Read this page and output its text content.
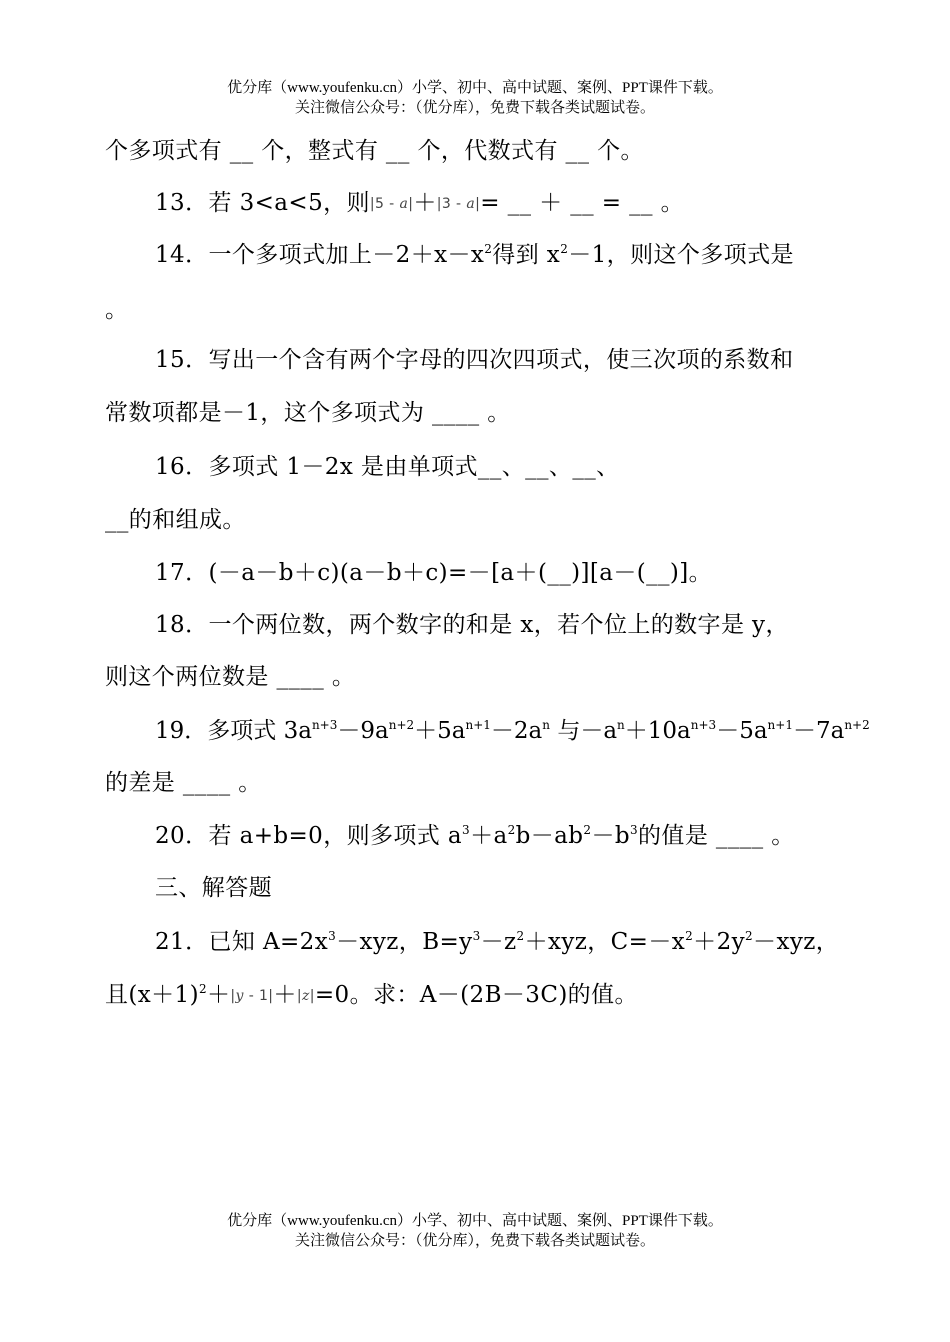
优分库（www.youfenku.cn）小学、初中、高中试题、案例、PPT课件下载。
关注微信公众号：（优分库），免费下载各类试题试卷。
个多项式有 __ 个，整式有 __ 个，代数式有 __ 个。
13．若 3<a<5，则|5 - a|＋|3 - a|= __ ＋ __ = __ 。
14．一个多项式加上$-2+x-x^2$得到 $x^2-1$，则这个多项式是
。
15．写出一个含有两个字母的四次四项式，使三次项的系数和
常数项都是－1，这个多项式为 ____ 。
16．多项式 1－2x 是由单项式__、__、__、
__的和组成。
17．(－a－b＋c)(a－b＋c)=－[a＋(__)][a－(__)]。
18．一个两位数，两个数字的和是 x，若个位上的数字是 y，
则这个两位数是 ____ 。
19．多项式 $3a^{n+3}-9a^{n+2}+5a^{n+1}-2a^n$ 与$-a^n+10a^{n+3}-5a^{n+1}-7a^{n+2}$
的差是 ____ 。
20．若 a+b=0，则多项式 $a^3+a^2b-ab^2-b^3$的值是 ____ 。
三、解答题
21．已知 $A=2x^3-xyz$，$B=y^3-z^2+xyz$，$C=-x^2+2y^2-xyz$，
且$(x+1)^2+|y - 1|+|z|=0$。求：A－(2B－3C)的值。
优分库（www.youfenku.cn）小学、初中、高中试题、案例、PPT课件下载。
关注微信公众号：（优分库），免费下载各类试题试卷。
